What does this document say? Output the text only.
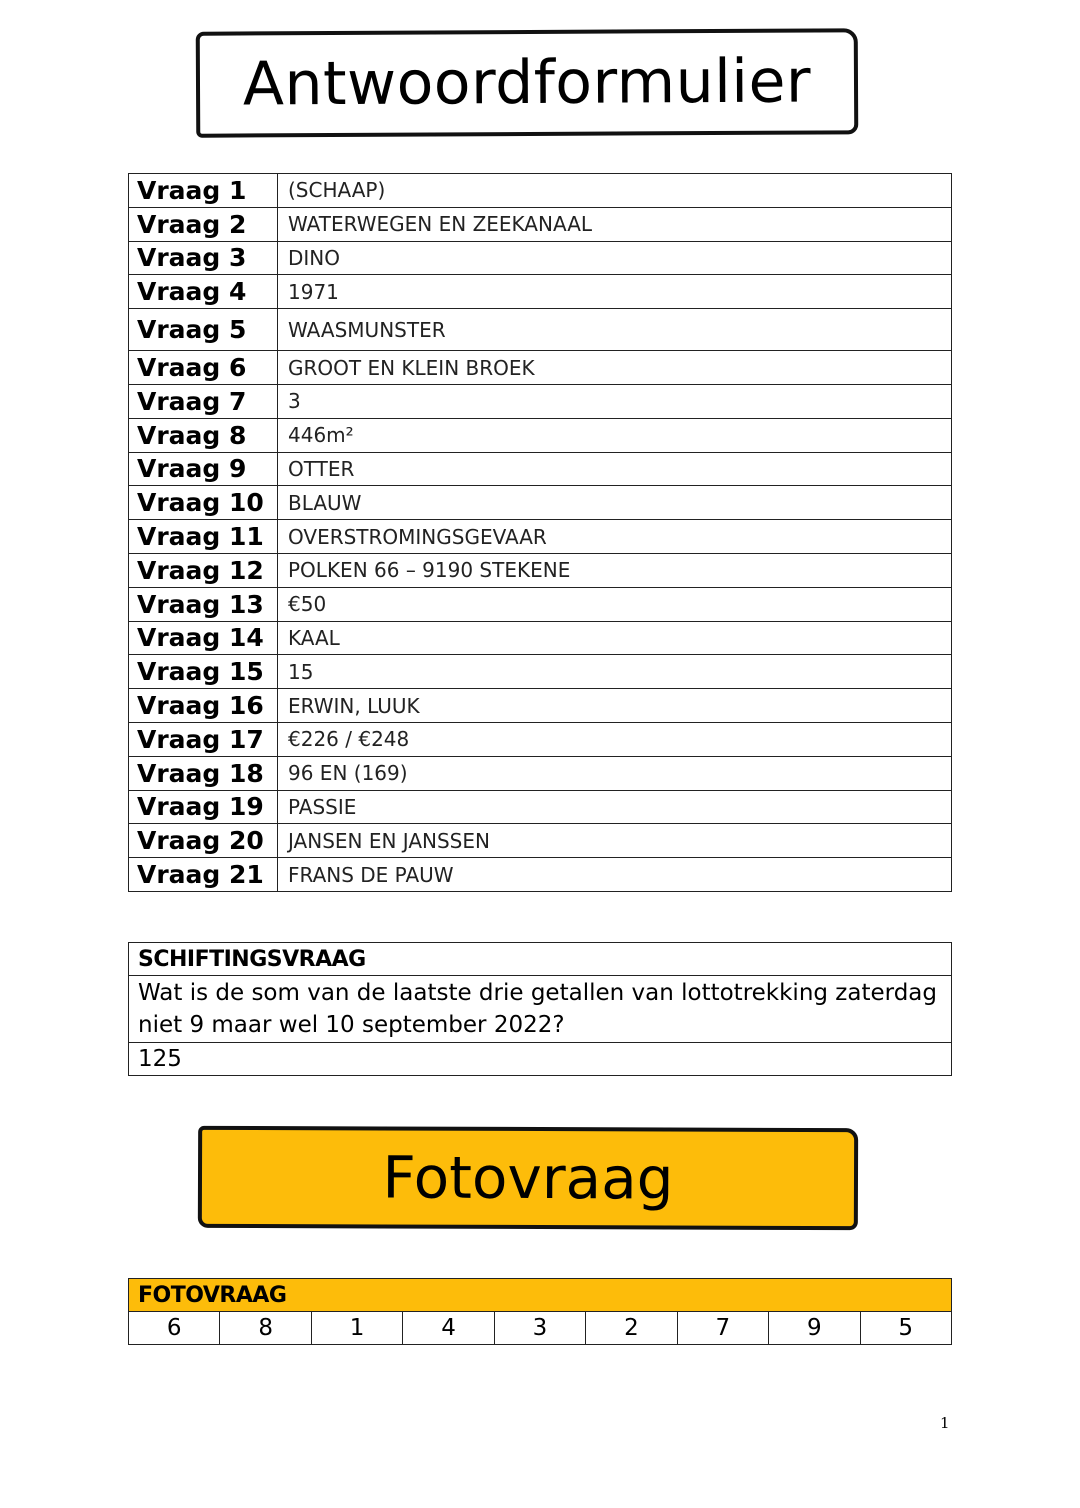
Antwoordformulier
Vraag 1	(SCHAAP)
Vraag 2	WATERWEGEN EN ZEEKANAAL
Vraag 3	DINO
Vraag 4	1971
Vraag 5	WAASMUNSTER
Vraag 6	GROOT EN KLEIN BROEK
Vraag 7	3
Vraag 8	446m²
Vraag 9	OTTER
Vraag 10	BLAUW
Vraag 11	OVERSTROMINGSGEVAAR
Vraag 12	POLKEN 66 – 9190 STEKENE
Vraag 13	€50
Vraag 14	KAAL
Vraag 15	15
Vraag 16	ERWIN, LUUK
Vraag 17	€226 / €248
Vraag 18	96 EN (169)
Vraag 19	PASSIE
Vraag 20	JANSEN EN JANSSEN
Vraag 21	FRANS DE PAUW
SCHIFTINGSVRAAG
Wat is de som van de laatste drie getallen van lottotrekking zaterdag niet 9 maar wel 10 september 2022?
125
Fotovraag
FOTOVRAAG
6	8	1	4	3	2	7	9	5
1
